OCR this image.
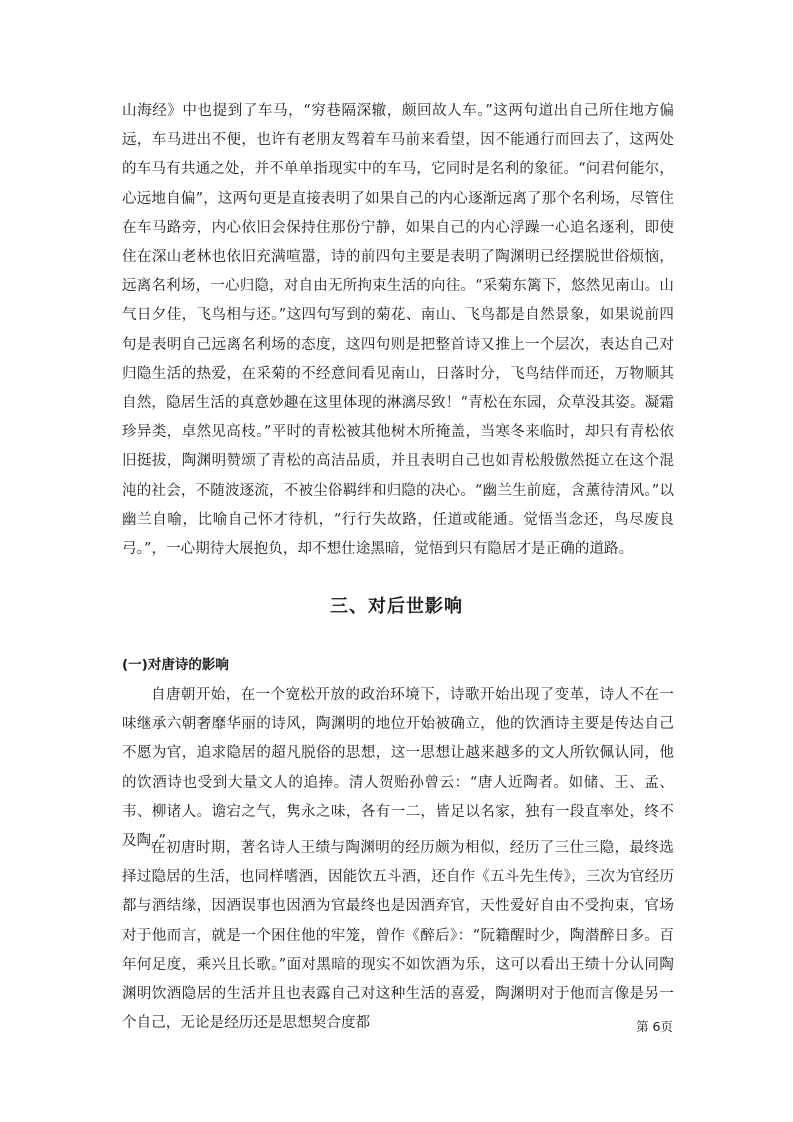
山海经》中也提到了车马，“穷巷隔深辙，颇回故人车。”这两句道出自己所住地方偏远，车马进出不便，也许有老朋友驾着车马前来看望，因不能通行而回去了，这两处的车马有共通之处，并不单单指现实中的车马，它同时是名利的象征。“问君何能尔，心远地自偏”，这两句更是直接表明了如果自己的内心逐渐远离了那个名利场，尽管住在车马路旁，内心依旧会保持住那份宁静，如果自己的内心浮躁一心追名逐利，即使住在深山老林也依旧充满喧嚣，诗的前四句主要是表明了陶渊明已经摆脱世俗烦恼，远离名利场，一心归隐，对自由无所拘束生活的向往。“采菊东篱下，悠然见南山。山气日夕佳，飞鸟相与还。”这四句写到的菊花、南山、飞鸟都是自然景象，如果说前四句是表明自己远离名利场的态度，这四句则是把整首诗又推上一个层次，表达自己对归隐生活的热爱，在采菊的不经意间看见南山，日落时分，飞鸟结伴而还，万物顺其自然，隐居生活的真意妙趣在这里体现的淋漓尽致！“青松在东园，众草没其姿。凝霜珍异类，卓然见高枝。”平时的青松被其他树木所掩盖，当寒冬来临时，却只有青松依旧挺拔，陶渊明赞颂了青松的高洁品质，并且表明自己也如青松般傲然挺立在这个混沌的社会，不随波逐流，不被尘俗羁绊和归隐的决心。“幽兰生前庭，含薰待清风。”以幽兰自喻，比喻自己怀才待机，“行行失故路，任道或能通。觉悟当念还，鸟尽废良弓。”，一心期待大展抱负，却不想仕途黑暗，觉悟到只有隐居才是正确的道路。

三、对后世影响
(一)对唐诗的影响

自唐朝开始，在一个宽松开放的政治环境下，诗歌开始出现了变革，诗人不在一味继承六朝奢靡华丽的诗风，陶渊明的地位开始被确立，他的饮酒诗主要是传达自己不愿为官，追求隐居的超凡脱俗的思想，这一思想让越来越多的文人所钦佩认同，他的饮酒诗也受到大量文人的追捧。清人贺贻孙曾云：“唐人近陶者。如储、王、孟、韦、柳诸人。谵宕之气，隽永之味，各有一二，皆足以名家，独有一段直率处，终不及陶。”

在初唐时期，著名诗人王绩与陶渊明的经历颇为相似，经历了三仕三隐，最终选择过隐居的生活，也同样嗜酒，因能饮五斗酒，还自作《五斗先生传》，三次为官经历都与酒结缘，因酒误事也因酒为官最终也是因酒弃官，天性爱好自由不受拘束，官场对于他而言，就是一个困住他的牢笼，曾作《醉后》：“阮籍醒时少，陶潜醉日多。百年何足度，乘兴且长歌。”面对黑暗的现实不如饮酒为乐，这可以看出王绩十分认同陶渊明饮酒隐居的生活并且也表露自己对这种生活的喜爱，陶渊明对于他而言像是另一个自己，无论是经历还是思想契合度都	第 6页
